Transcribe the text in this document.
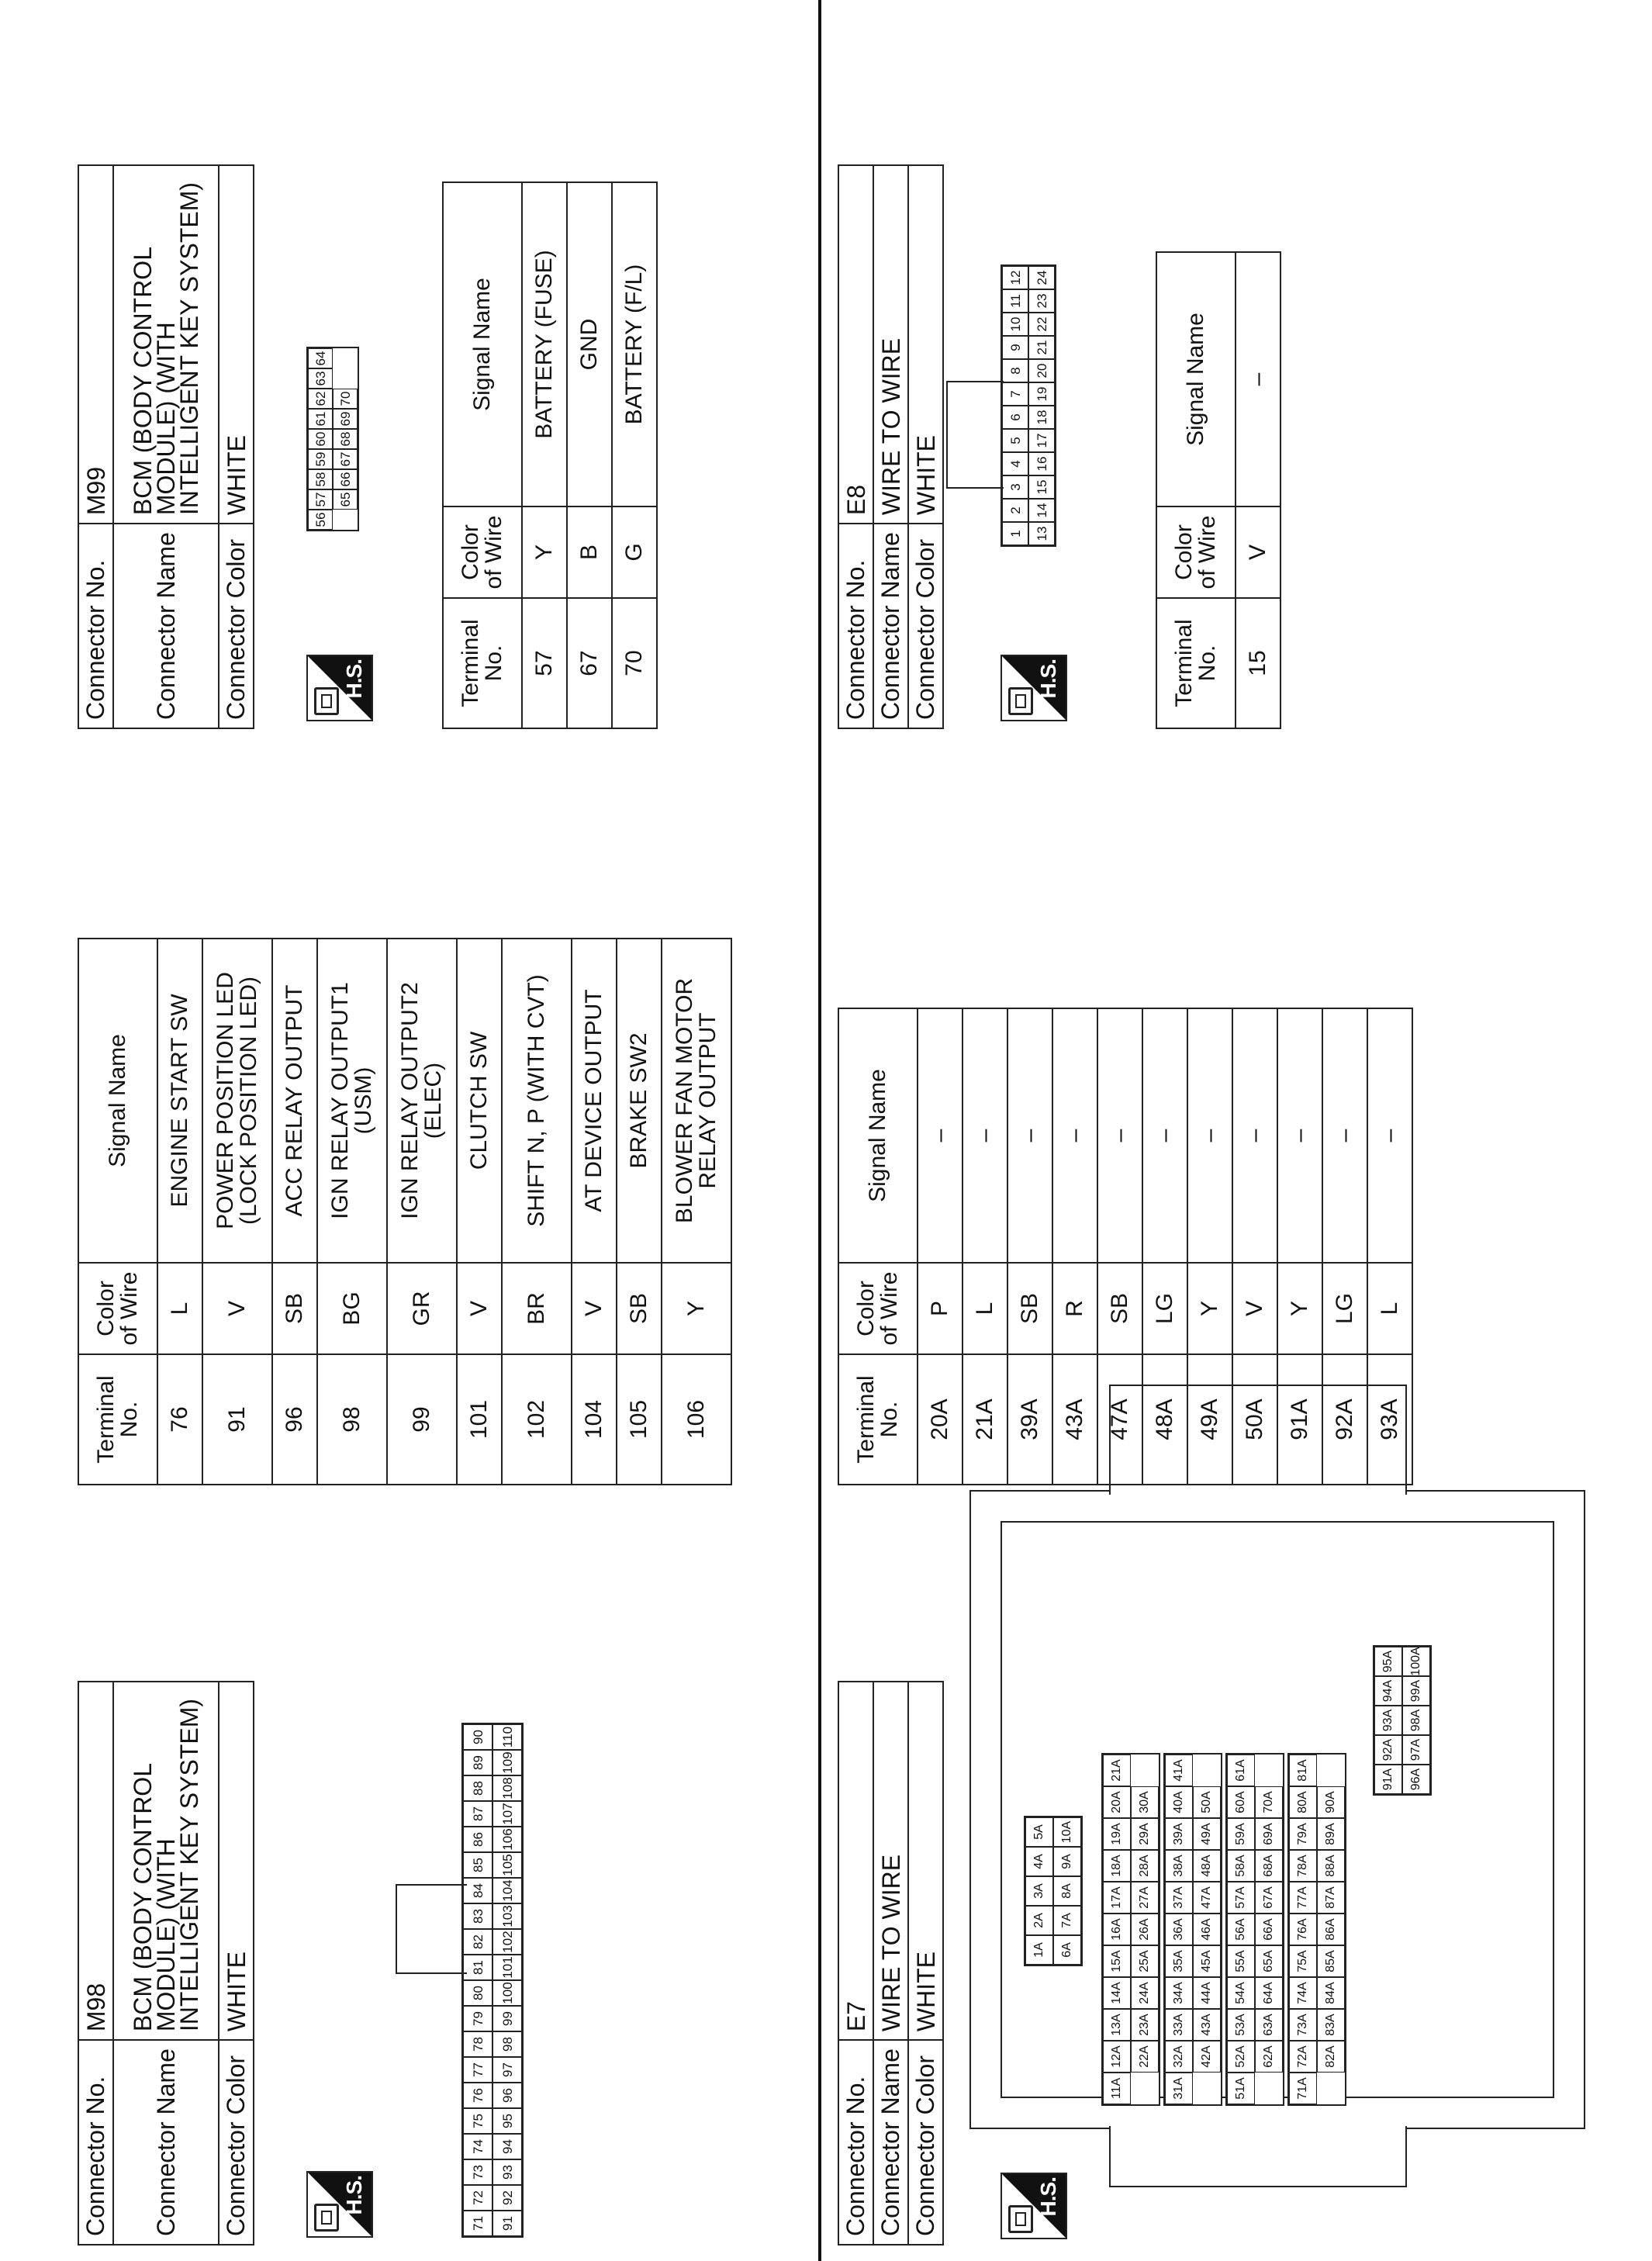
Connector No.	M98
Connector Name	BCM (BODY CONTROL MODULE) (WITH INTELLIGENT KEY SYSTEM)
Connector Color	WHITE
H.S.
71
72
73
74
75
76
77
78
79
80
81
82
83
84
85
86
87
88
89
90
91
92
93
94
95
96
97
98
99
100
101
102
103
104
105
106
107
108
109
110
Terminal No.	Color of Wire	Signal Name
76	L	ENGINE START SW
91	V	POWER POSITION LED (LOCK POSITION LED)
96	SB	ACC RELAY OUTPUT
98	BG	IGN RELAY OUTPUT1 (USM)
99	GR	IGN RELAY OUTPUT2 (ELEC)
101	V	CLUTCH SW
102	BR	SHIFT N, P (WITH CVT)
104	V	AT DEVICE OUTPUT
105	SB	BRAKE SW2
106	Y	BLOWER FAN MOTOR RELAY OUTPUT
Connector No.	M99
Connector Name	BCM (BODY CONTROL MODULE) (WITH INTELLIGENT KEY SYSTEM)
Connector Color	WHITE
H.S.
56
57
58
59
60
61
62
63
64
65
66
67
68
69
70
Terminal No.	Color of Wire	Signal Name
57	Y	BATTERY (FUSE)
67	B	GND
70	G	BATTERY (F/L)
Connector No.	E7
Connector Name	WIRE TO WIRE
Connector Color	WHITE
H.S.
1A
2A
3A
4A
5A
6A
7A
8A
9A
10A
11A
12A
13A
14A
15A
16A
17A
18A
19A
20A
21A
22A
23A
24A
25A
26A
27A
28A
29A
30A
31A
32A
33A
34A
35A
36A
37A
38A
39A
40A
41A
42A
43A
44A
45A
46A
47A
48A
49A
50A
51A
52A
53A
54A
55A
56A
57A
58A
59A
60A
61A
62A
63A
64A
65A
66A
67A
68A
69A
70A
71A
72A
73A
74A
75A
76A
77A
78A
79A
80A
81A
82A
83A
84A
85A
86A
87A
88A
89A
90A
91A
92A
93A
94A
95A
96A
97A
98A
99A
100A
Terminal No.	Color of Wire	Signal Name
20A	P	–
21A	L	–
39A	SB	–
43A	R	–
47A	SB	–
48A	LG	–
49A	Y	–
50A	V	–
91A	Y	–
92A	LG	–
93A	L	–
Connector No.	E8
Connector Name	WIRE TO WIRE
Connector Color	WHITE
H.S.
1
2
3
4
5
6
7
8
9
10
11
12
13
14
15
16
17
18
19
20
21
22
23
24
Terminal No.	Color of Wire	Signal Name
15	V	–
